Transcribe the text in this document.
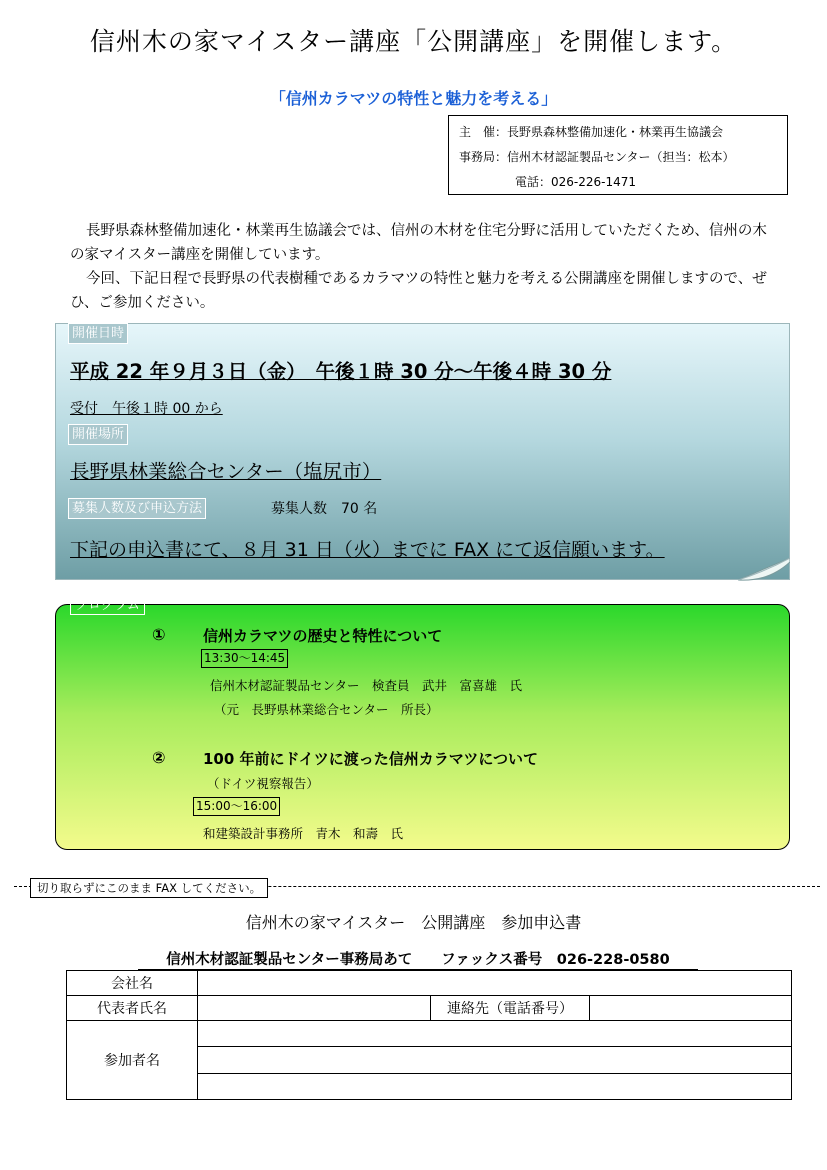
信州木の家マイスター講座「公開講座」を開催します。
「信州カラマツの特性と魅力を考える」
主　催：長野県森林整備加速化・林業再生協議会
事務局：信州木材認証製品センター（担当：松本）
電話：026-226-1471

長野県森林整備加速化・林業再生協議会では、信州の木材を住宅分野に活用していただくため、信州の木の家マイスター講座を開催しています。

今回、下記日程で長野県の代表樹種であるカラマツの特性と魅力を考える公開講座を開催しますので、ぜひ、ご参加ください。

開催日時
平成 22 年９月３日（金）　午後１時 30 分～午後４時 30 分
受付　午後１時 00 から
開催場所
長野県林業総合センター（塩尻市）
募集人数及び申込方法	募集人数　70 名
下記の申込書にて、８月 31 日（火）までに FAX にて返信願います。
プログラム
① 信州カラマツの歴史と特性について
13:30～14:45
信州木材認証製品センター　検査員　武井　富喜雄　氏
（元　長野県林業総合センター　所長）
② 100 年前にドイツに渡った信州カラマツについて
（ドイツ視察報告）
15:00～16:00
和建築設計事務所　青木　和壽　氏
切り取らずにこのまま FAX してください。
信州木の家マイスター　公開講座　参加申込書
信州木材認証製品センター事務局あて　　ファックス番号　026-228-0580
会社名			
代表者氏名		連絡先（電話番号）	
参加者名			
